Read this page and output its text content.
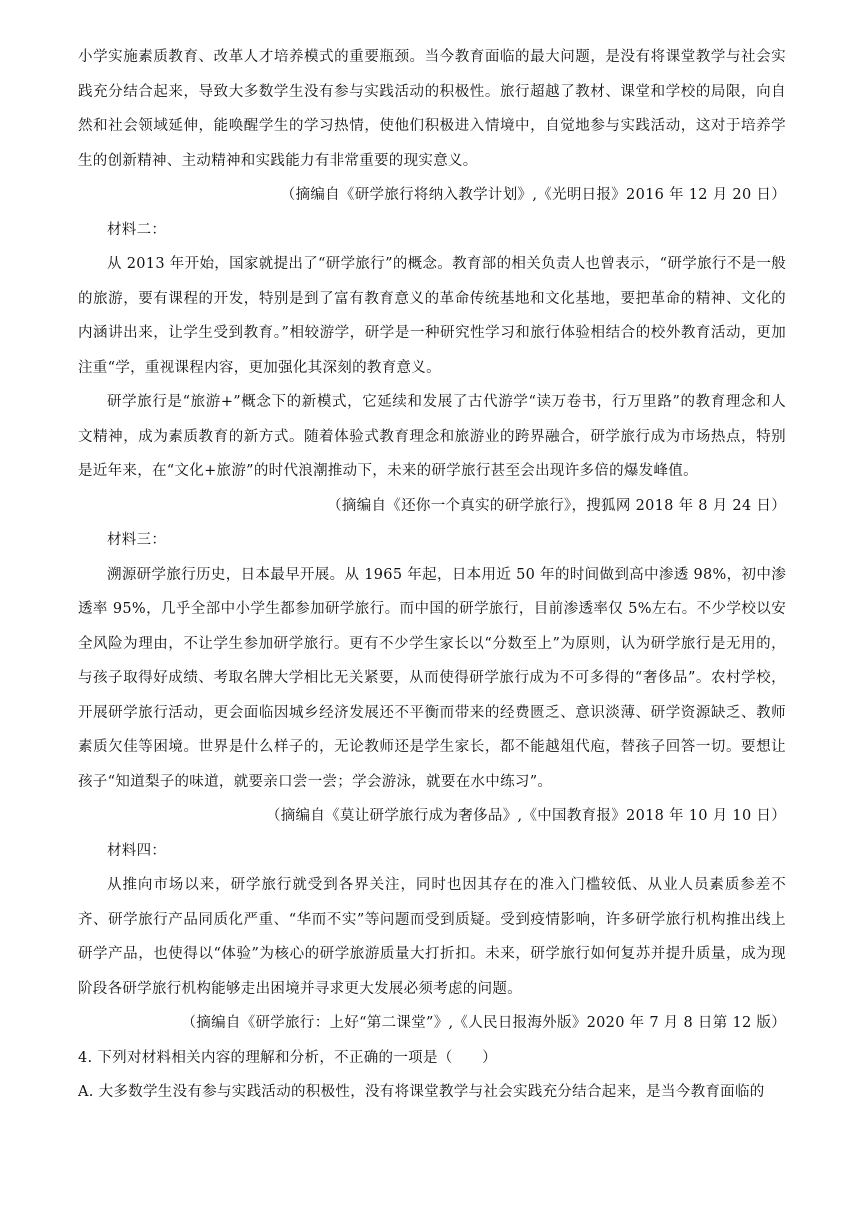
小学实施素质教育、改革人才培养模式的重要瓶颈。当今教育面临的最大问题，是没有将课堂教学与社会实践充分结合起来，导致大多数学生没有参与实践活动的积极性。旅行超越了教材、课堂和学校的局限，向自然和社会领域延伸，能唤醒学生的学习热情，使他们积极进入情境中，自觉地参与实践活动，这对于培养学生的创新精神、主动精神和实践能力有非常重要的现实意义。

（摘编自《研学旅行将纳入教学计划》,《光明日报》2016 年 12 月 20 日）

材料二：

从 2013 年开始，国家就提出了“研学旅行”的概念。教育部的相关负责人也曾表示，“研学旅行不是一般的旅游，要有课程的开发，特别是到了富有教育意义的革命传统基地和文化基地，要把革命的精神、文化的内涵讲出来，让学生受到教育。”相较游学，研学是一种研究性学习和旅行体验相结合的校外教育活动，更加注重“学，重视课程内容，更加强化其深刻的教育意义。

研学旅行是“旅游+”概念下的新模式，它延续和发展了古代游学“读万卷书，行万里路”的教育理念和人文精神，成为素质教育的新方式。随着体验式教育理念和旅游业的跨界融合，研学旅行成为市场热点，特别是近年来，在“文化+旅游”的时代浪潮推动下，未来的研学旅行甚至会出现许多倍的爆发峰值。

（摘编自《还你一个真实的研学旅行》，搜狐网 2018 年 8 月 24 日）

材料三：

溯源研学旅行历史，日本最早开展。从 1965 年起，日本用近 50 年的时间做到高中渗透 98%，初中渗透率 95%，几乎全部中小学生都参加研学旅行。而中国的研学旅行，目前渗透率仅 5%左右。不少学校以安全风险为理由，不让学生参加研学旅行。更有不少学生家长以“分数至上”为原则，认为研学旅行是无用的，与孩子取得好成绩、考取名牌大学相比无关紧要，从而使得研学旅行成为不可多得的“奢侈品”。农村学校，开展研学旅行活动，更会面临因城乡经济发展还不平衡而带来的经费匮乏、意识淡薄、研学资源缺乏、教师素质欠佳等困境。世界是什么样子的，无论教师还是学生家长，都不能越俎代庖，替孩子回答一切。要想让孩子“知道梨子的味道，就要亲口尝一尝；学会游泳，就要在水中练习”。

（摘编自《莫让研学旅行成为奢侈品》,《中国教育报》2018 年 10 月 10 日）

材料四：

从推向市场以来，研学旅行就受到各界关注，同时也因其存在的准入门槛较低、从业人员素质参差不齐、研学旅行产品同质化严重、“华而不实”等问题而受到质疑。受到疫情影响，许多研学旅行机构推出线上研学产品，也使得以“体验”为核心的研学旅游质量大打折扣。未来，研学旅行如何复苏并提升质量，成为现阶段各研学旅行机构能够走出困境并寻求更大发展必须考虑的问题。

（摘编自《研学旅行：上好“第二课堂”》,《人民日报海外版》2020 年 7 月 8 日第 12 版）

4. 下列对材料相关内容的理解和分析，不正确的一项是（　　）

A. 大多数学生没有参与实践活动的积极性，没有将课堂教学与社会实践充分结合起来，是当今教育面临的
